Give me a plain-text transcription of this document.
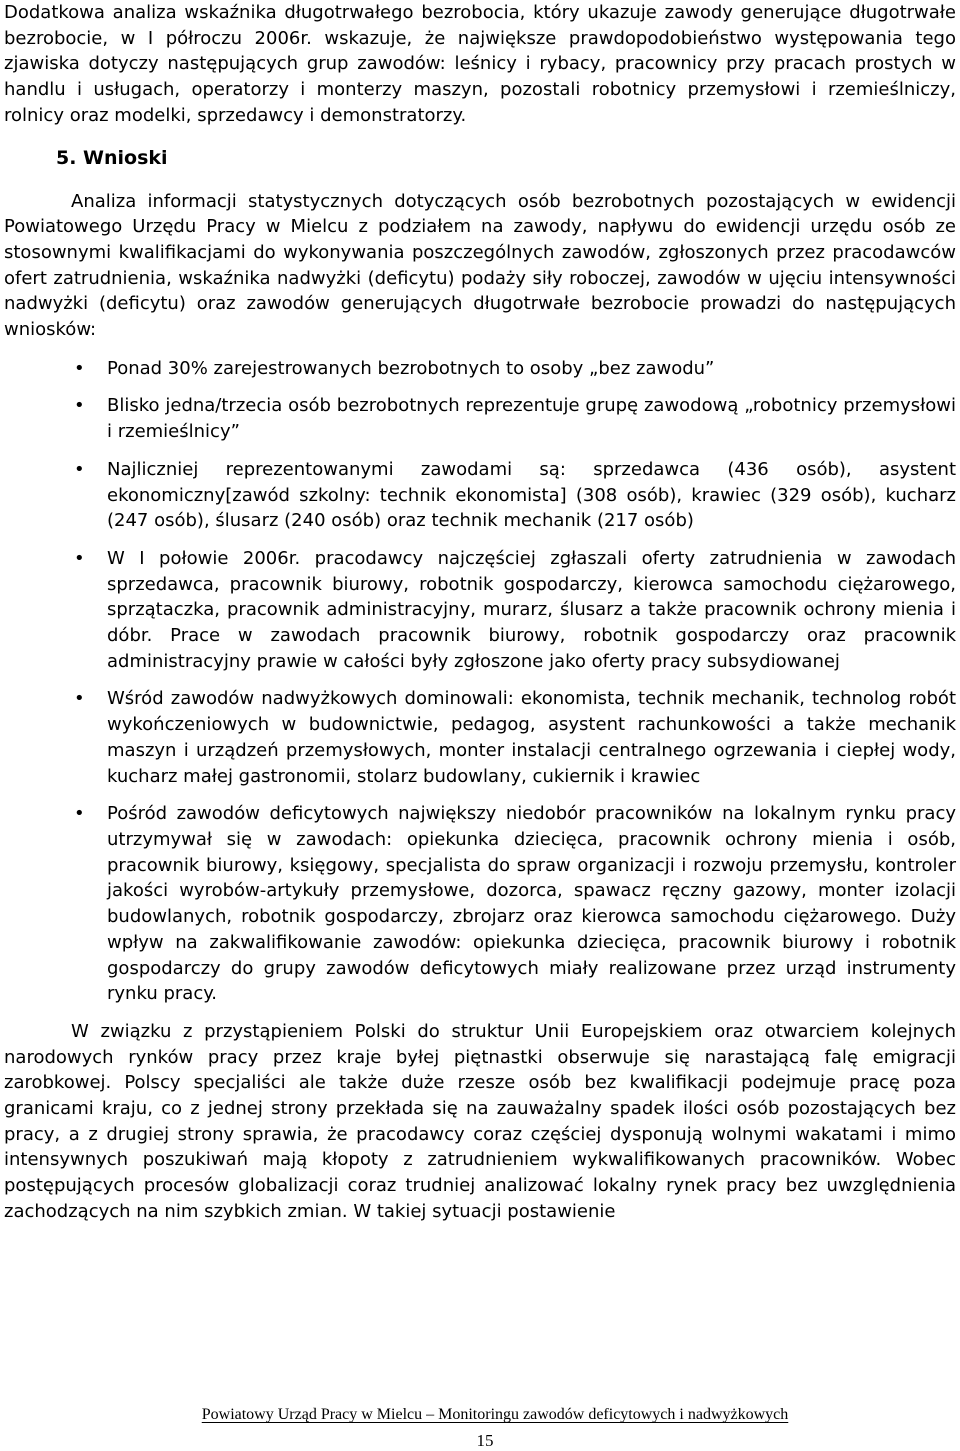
Dodatkowa analiza wskaźnika długotrwałego bezrobocia, który ukazuje zawody generujące długotrwałe bezrobocie, w I półroczu 2006r. wskazuje, że największe prawdopodobieństwo występowania tego zjawiska dotyczy następujących grup zawodów: leśnicy i rybacy, pracownicy przy pracach prostych w handlu i usługach, operatorzy i monterzy maszyn, pozostali robotnicy przemysłowi i rzemieślniczy, rolnicy oraz modelki, sprzedawcy i demonstratorzy.

5. Wnioski

Analiza informacji statystycznych dotyczących osób bezrobotnych pozostających w ewidencji Powiatowego Urzędu Pracy w Mielcu z podziałem na zawody, napływu do ewidencji urzędu osób ze stosownymi kwalifikacjami do wykonywania poszczególnych zawodów, zgłoszonych przez pracodawców ofert zatrudnienia, wskaźnika nadwyżki (deficytu) podaży siły roboczej, zawodów w ujęciu intensywności nadwyżki (deficytu) oraz zawodów generujących długotrwałe bezrobocie prowadzi do następujących wniosków:

• Ponad 30% zarejestrowanych bezrobotnych to osoby „bez zawodu”
• Blisko jedna/trzecia osób bezrobotnych reprezentuje grupę zawodową „robotnicy przemysłowi i rzemieślnicy”
• Najliczniej reprezentowanymi zawodami są: sprzedawca (436 osób), asystent ekonomiczny[zawód szkolny: technik ekonomista] (308 osób), krawiec (329 osób), kucharz (247 osób), ślusarz (240 osób) oraz technik mechanik (217 osób)
• W I połowie 2006r. pracodawcy najczęściej zgłaszali oferty zatrudnienia w zawodach sprzedawca, pracownik biurowy, robotnik gospodarczy, kierowca samochodu ciężarowego, sprzątaczka, pracownik administracyjny, murarz, ślusarz a także pracownik ochrony mienia i dóbr. Prace w zawodach pracownik biurowy, robotnik gospodarczy oraz pracownik administracyjny prawie w całości były zgłoszone jako oferty pracy subsydiowanej
• Wśród zawodów nadwyżkowych dominowali: ekonomista, technik mechanik, technolog robót wykończeniowych w budownictwie, pedagog, asystent rachunkowości a także mechanik maszyn i urządzeń przemysłowych, monter instalacji centralnego ogrzewania i ciepłej wody, kucharz małej gastronomii, stolarz budowlany, cukiernik i krawiec
• Pośród zawodów deficytowych największy niedobór pracowników na lokalnym rynku pracy utrzymywał się w zawodach: opiekunka dziecięca, pracownik ochrony mienia i osób, pracownik biurowy, księgowy, specjalista do spraw organizacji i rozwoju przemysłu, kontroler jakości wyrobów-artykuły przemysłowe, dozorca, spawacz ręczny gazowy, monter izolacji budowlanych, robotnik gospodarczy, zbrojarz oraz kierowca samochodu ciężarowego. Duży wpływ na zakwalifikowanie zawodów: opiekunka dziecięca, pracownik biurowy i robotnik gospodarczy do grupy zawodów deficytowych miały realizowane przez urząd instrumenty rynku pracy.

W związku z przystąpieniem Polski do struktur Unii Europejskiem oraz otwarciem kolejnych narodowych rynków pracy przez kraje byłej piętnastki obserwuje się narastającą falę emigracji zarobkowej. Polscy specjaliści ale także duże rzesze osób bez kwalifikacji podejmuje pracę poza granicami kraju, co z jednej strony przekłada się na zauważalny spadek ilości osób pozostających bez pracy, a z drugiej strony sprawia, że pracodawcy coraz częściej dysponują wolnymi wakatami i mimo intensywnych poszukiwań mają kłopoty z zatrudnieniem wykwalifikowanych pracowników. Wobec postępujących procesów globalizacji coraz trudniej analizować lokalny rynek pracy bez uwzględnienia zachodzących na nim szybkich zmian. W takiej sytuacji postawienie

Powiatowy Urząd Pracy w Mielcu – Monitoringu zawodów deficytowych i nadwyżkowych
15
